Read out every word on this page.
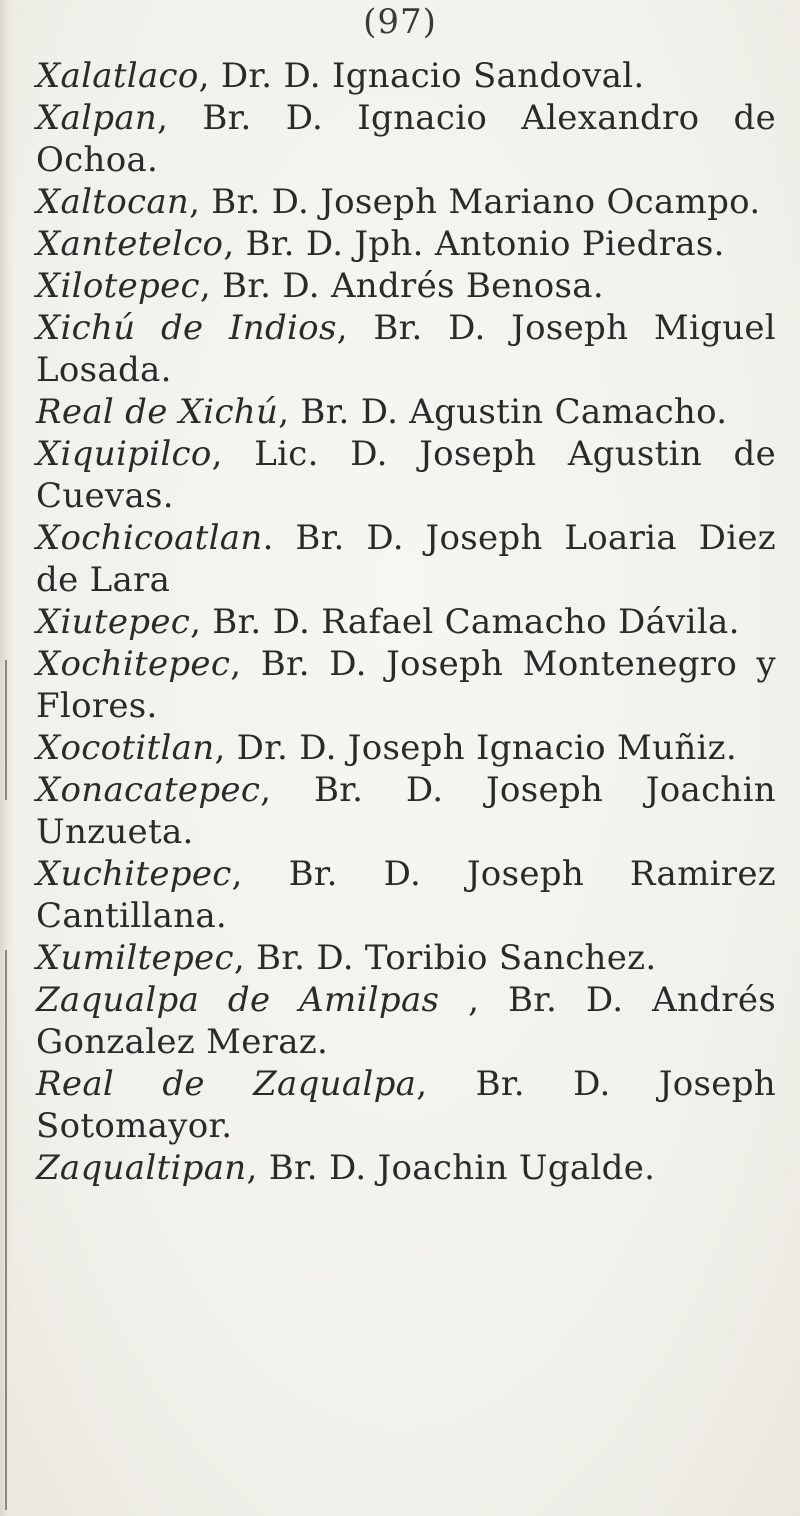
(97)
Xalatlaco, Dr. D. Ignacio Sandoval.
Xalpan, Br. D. Ignacio Alexandro de Ochoa.
Xaltocan, Br. D. Joseph Mariano Ocampo.
Xantetelco, Br. D. Jph. Antonio Piedras.
Xilotepec, Br. D. Andrés Benosa.
Xichú de Indios, Br. D. Joseph Miguel Losada.
Real de Xichú, Br. D. Agustin Camacho.
Xiquipilco, Lic. D. Joseph Agustin de Cuevas.
Xochicoatlan. Br. D. Joseph Loaria Diez de Lara
Xiutepec, Br. D. Rafael Camacho Dávila.
Xochitepec, Br. D. Joseph Montenegro y Flores.
Xocotitlan, Dr. D. Joseph Ignacio Muñiz.
Xonacatepec, Br. D. Joseph Joachin Unzueta.
Xuchitepec, Br. D. Joseph Ramirez Cantillana.
Xumiltepec, Br. D. Toribio Sanchez.
Zaqualpa de Amilpas , Br. D. Andrés Gonzalez Meraz.
Real de Zaqualpa, Br. D. Joseph Sotomayor.
Zaqualtipan, Br. D. Joachin Ugalde.
